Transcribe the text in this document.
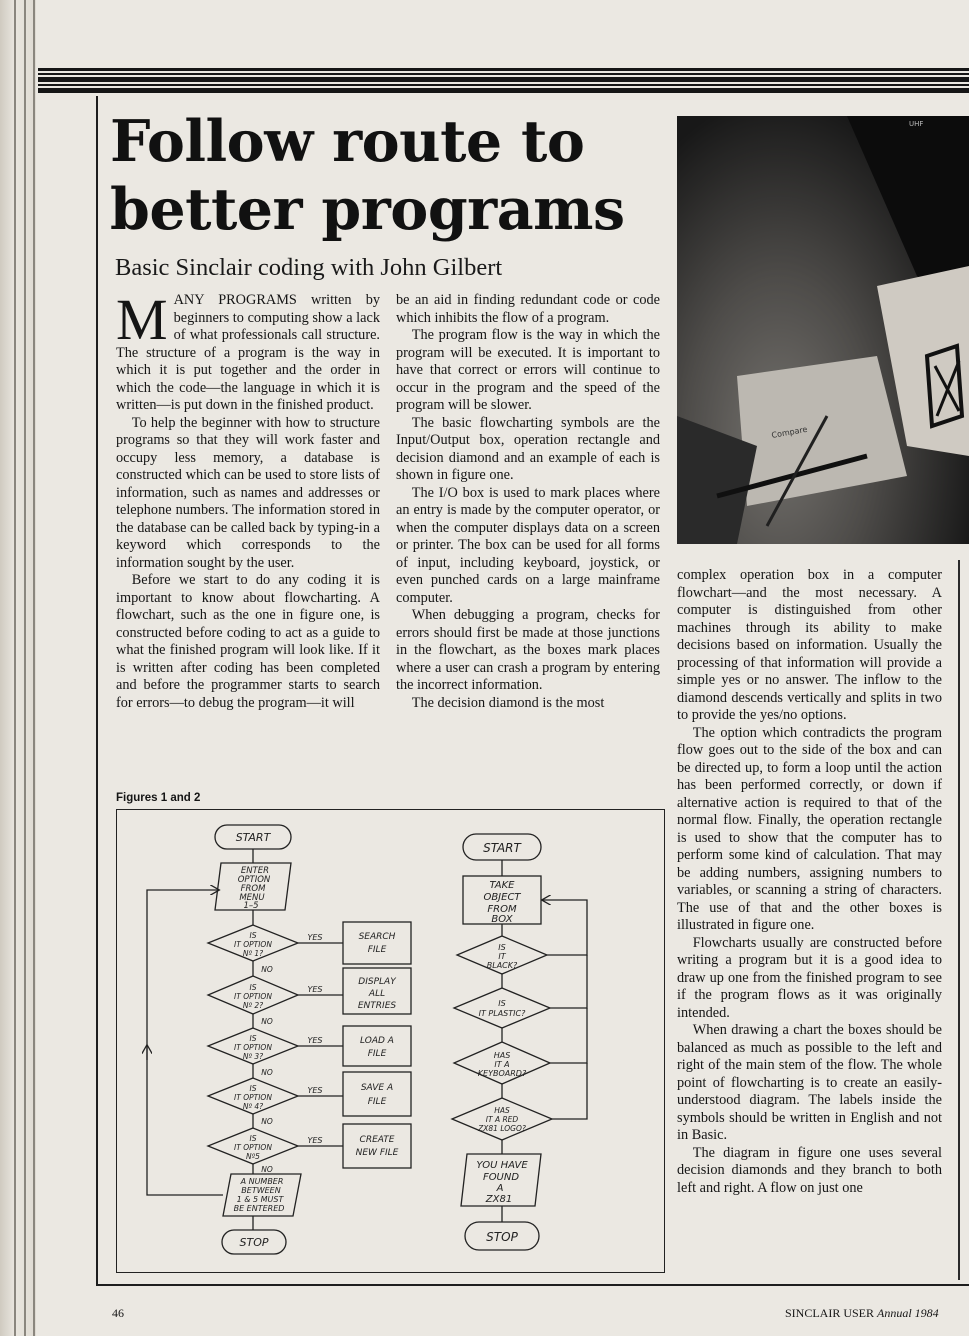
Follow route to better programs
Basic Sinclair coding with John Gilbert
Compare
UHF

MANY PROGRAMS written by beginners to computing show a lack of what professionals call structure. The structure of a program is the way in which it is put together and the order in which the code—the language in which it is written—is put down in the finished product.

To help the beginner with how to structure programs so that they will work faster and occupy less memory, a database is constructed which can be used to store lists of information, such as names and addresses or telephone numbers. The information stored in the database can be called back by typing-in a keyword which corresponds to the information sought by the user.

Before we start to do any coding it is important to know about flowcharting. A flowchart, such as the one in figure one, is constructed before coding to act as a guide to what the finished program will look like. If it is written after coding has been completed and before the programmer starts to search for errors—to debug the program—it will

be an aid in finding redundant code or code which inhibits the flow of a program.

The program flow is the way in which the program will be executed. It is important to have that correct or errors will continue to occur in the program and the speed of the program will be slower.

The basic flowcharting symbols are the Input/Output box, operation rectangle and decision diamond and an example of each is shown in figure one.

The I/O box is used to mark places where an entry is made by the computer operator, or when the computer displays data on a screen or printer. The box can be used for all forms of input, including keyboard, joystick, or even punched cards on a large mainframe computer.

When debugging a program, checks for errors should first be made at those junctions in the flowchart, as the boxes mark places where a user can crash a program by entering the incorrect information.

The decision diamond is the most

complex operation box in a computer flowchart—and the most necessary. A computer is distinguished from other machines through its ability to make decisions based on information. Usually the processing of that information will provide a simple yes or no answer. The inflow to the diamond descends vertically and splits in two to provide the yes/no options.

The option which contradicts the program flow goes out to the side of the box and can be directed up, to form a loop until the action has been performed correctly, or down if alternative action is required to that of the normal flow. Finally, the operation rectangle is used to show that the computer has to perform some kind of calculation. That may be adding numbers, assigning numbers to variables, or scanning a string of characters. The use of that and the other boxes is illustrated in figure one.

Flowcharts usually are constructed before writing a program but it is a good idea to draw up one from the finished program to see if the program flows as it was originally intended.

When drawing a chart the boxes should be balanced as much as possible to the left and right of the main stem of the flow. The whole point of flowcharting is to create an easily-understood diagram. The labels inside the symbols should be written in English and not in Basic.

The diagram in figure one uses several decision diamonds and they branch to both left and right. A flow on just one

Figures 1 and 2
START
ENTER
OPTION
FROM
MENU
1–5
IS
IT OPTION
Nº 1?
IS
IT OPTION
Nº 2?
IS
IT OPTION
Nº 3?
IS
IT OPTION
Nº 4?
IS
IT OPTION
Nº5
YES
YES
YES
YES
YES
NO
NO
NO
NO
NO
SEARCH
FILE
DISPLAY
ALL
ENTRIES
LOAD A
FILE
SAVE A
FILE
CREATE
NEW FILE
A NUMBER
BETWEEN
1 & 5 MUST
BE ENTERED
STOP
START
TAKE
OBJECT
FROM
BOX
IS
IT
BLACK?
IS
IT PLASTIC?
HAS
IT A
KEYBOARD?
HAS
IT A RED
ZX81 LOGO?
YOU HAVE
FOUND
A
ZX81
STOP
46	SINCLAIR USER Annual 1984
